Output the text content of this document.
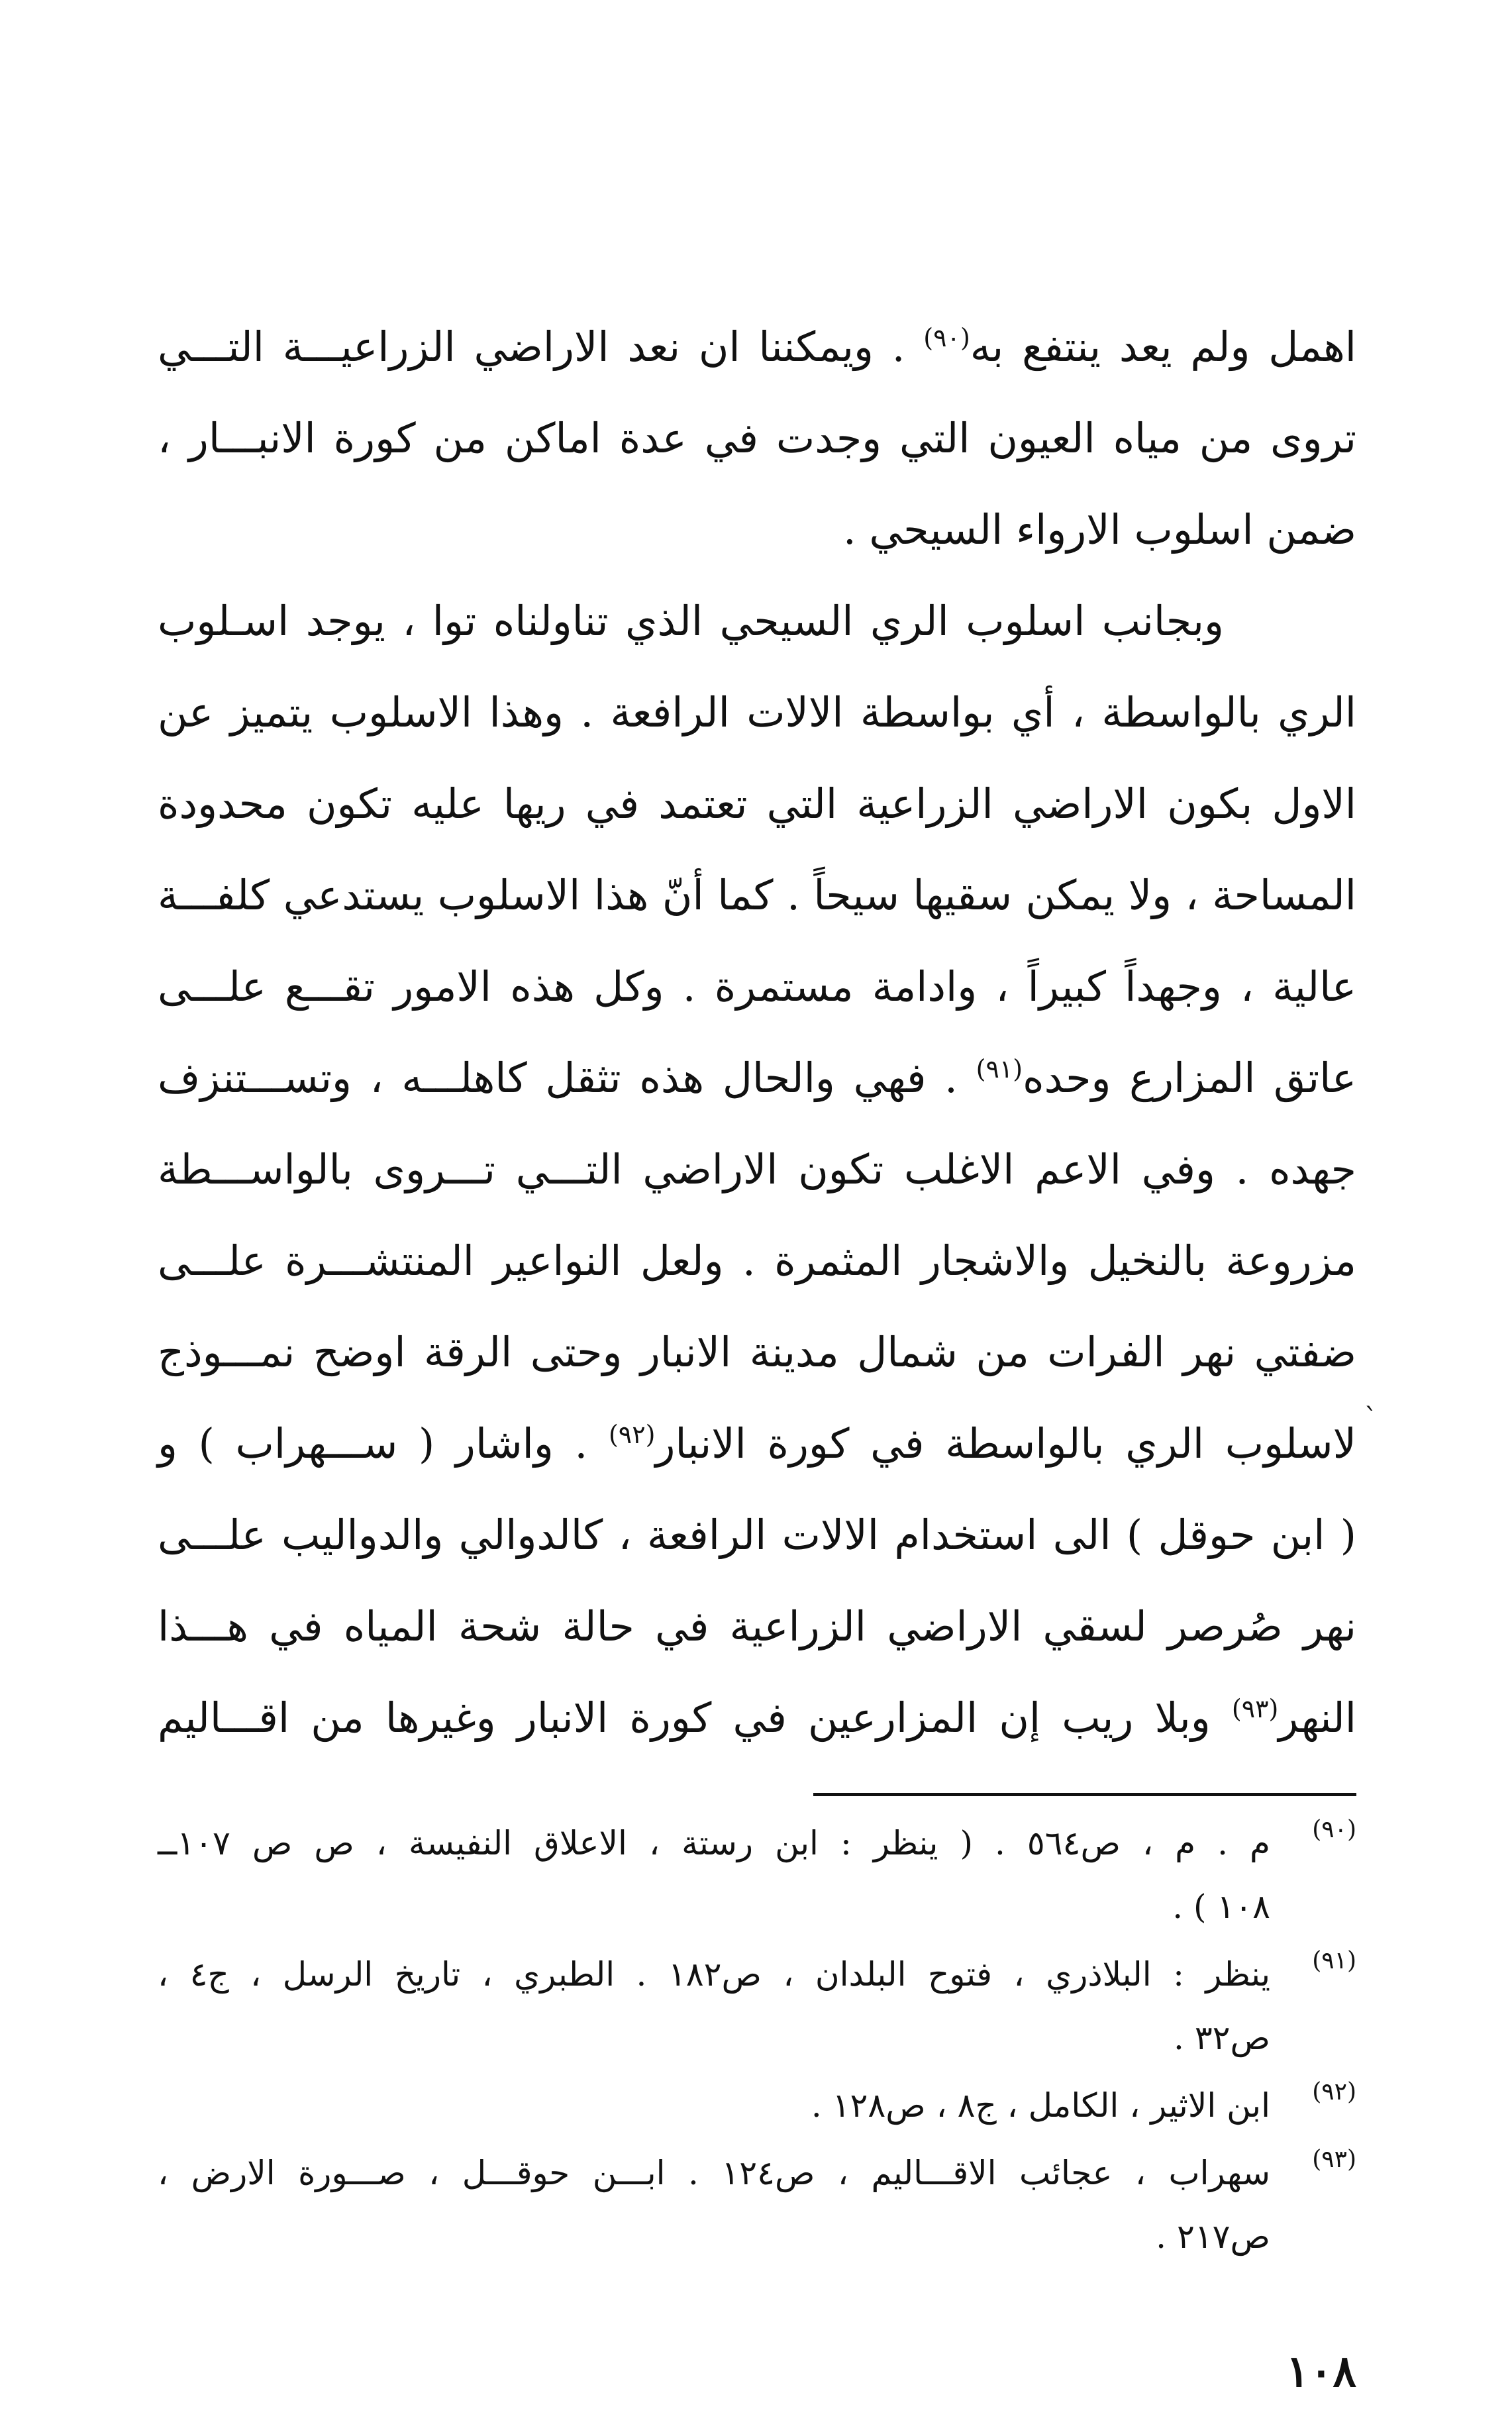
اهمل ولم يعد ينتفع به$^{(٩٠)}$ . ويمكننا ان نعد الاراضي الزراعيـــة التـــي
تروى من مياه العيون التي وجدت في عدة اماكن من كورة الانبـــار ،
ضمن اسلوب الارواء السيحي .
وبجانب اسلوب الري السيحي الذي تناولناه توا ، يوجد اسـلوب
الري بالواسطة ، أي بواسطة الالات الرافعة . وهذا الاسلوب يتميز عن
الاول بكون الاراضي الزراعية التي تعتمد في ريها عليه تكون محدودة
المساحة ، ولا يمكن سقيها سيحاً . كما أنّ هذا الاسلوب يستدعي كلفـــة
عالية ، وجهداً كبيراً ، وادامة مستمرة . وكل هذه الامور تقـــع علـــى
عاتق المزارع وحده$^{(٩١)}$ . فهي والحال هذه تثقل كاهلـــه ، وتســـتنزف
جهده . وفي الاعم الاغلب تكون الاراضي التـــي تـــروى بالواســـطة
مزروعة بالنخيل والاشجار المثمرة . ولعل النواعير المنتشـــرة علـــى
ضفتي نهر الفرات من شمال مدينة الانبار وحتى الرقة اوضح نمـــوذج
لاسلوب الري بالواسطة في كورة الانبار$^{(٩٢)}$ . واشار ( ســـهراب ) و
( ابن حوقل ) الى استخدام الالات الرافعة ، كالدوالي والدواليب علـــى
نهر صُرصر لسقي الاراضي الزراعية في حالة شحة المياه في هـــذا
النهر$^{(٩٣)}$ وبلا ريب إن المزارعين في كورة الانبار وغيرها من اقـــاليم
`
(٩٠)
م . م ، ص٥٦٤ . ( ينظر : ابن رستة ، الاعلاق النفيسة ، ص ص ١٠٧ــ
١٠٨ ) .
(٩١)
ينظر : البلاذري ، فتوح البلدان ، ص١٨٢ . الطبري ، تاريخ الرسل ، ج٤ ،
ص٣٢ .
(٩٢)
ابن الاثير ، الكامل ، ج٨ ، ص١٢٨ .
(٩٣)
سهراب ، عجائب الاقـــاليم ، ص١٢٤ . ابـــن حوقـــل ، صـــورة الارض ،
ص٢١٧ .
١٠٨
